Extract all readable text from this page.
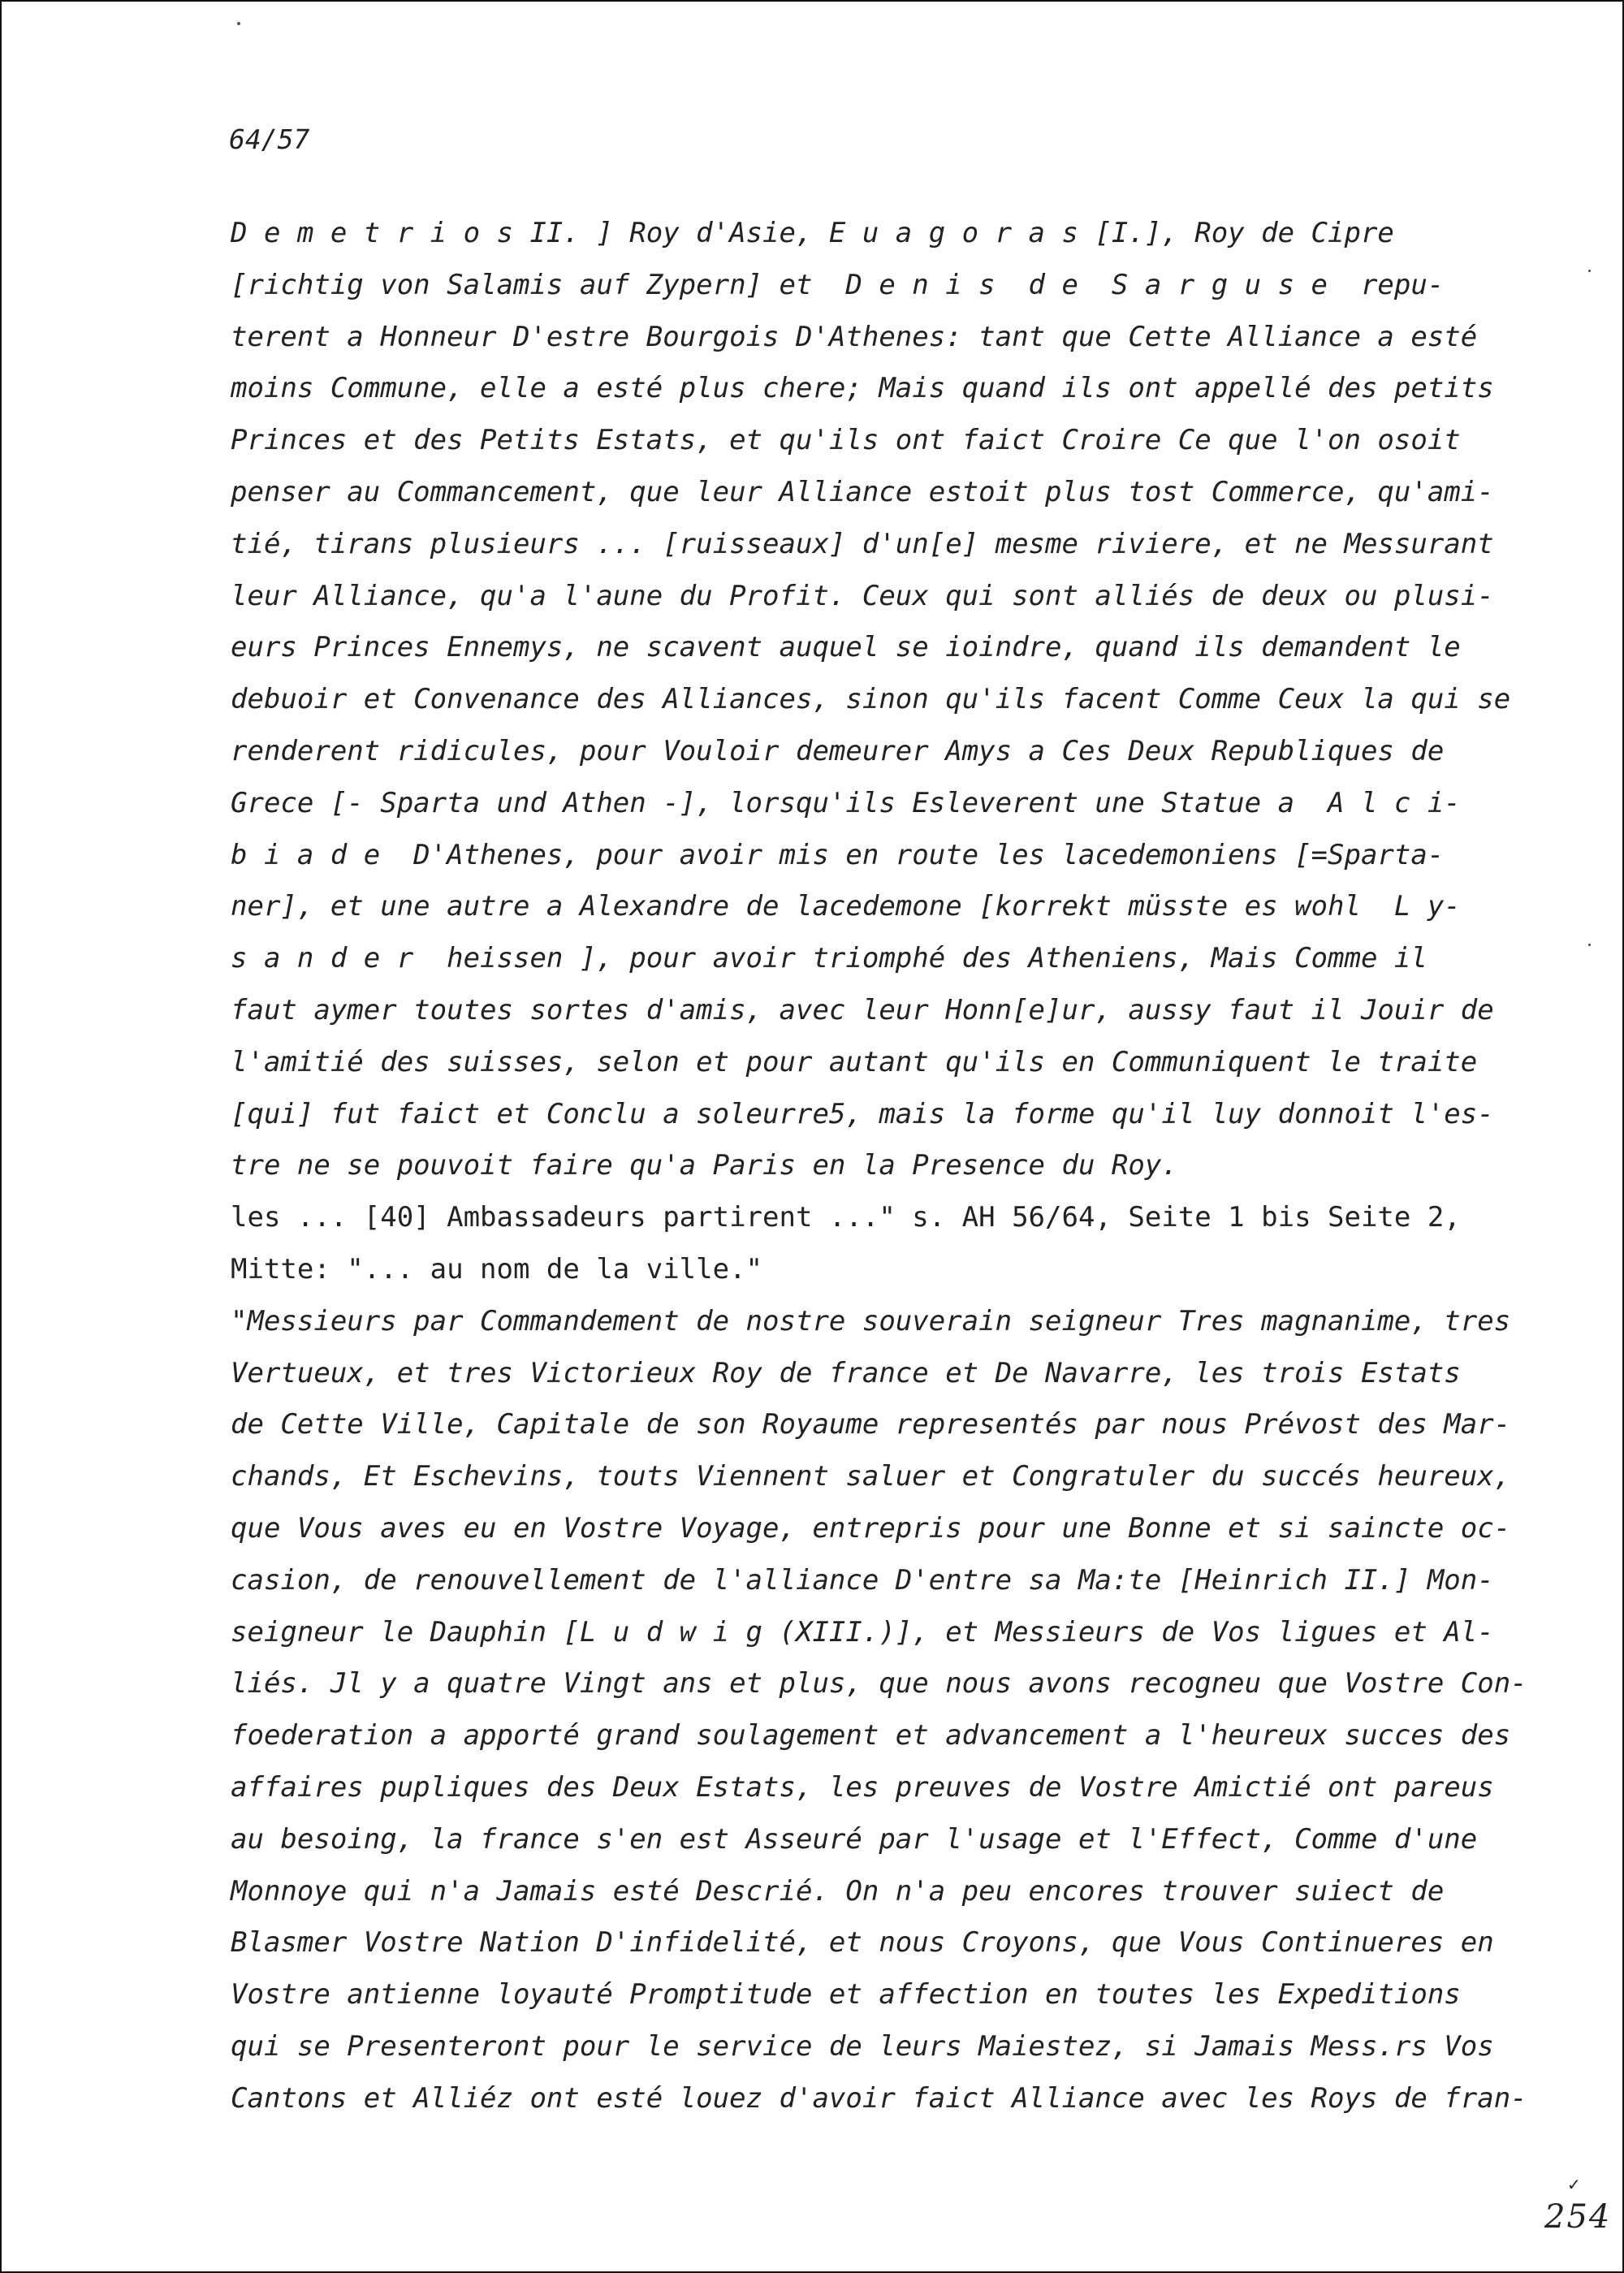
64/57
D e m e t r i o s II. ] Roy d'Asie, E u a g o r a s [I.], Roy de Cipre
[richtig von Salamis auf Zypern] et  D e n i s  d e  S a r g u s e  repu-
terent a Honneur D'estre Bourgois D'Athenes: tant que Cette Alliance a esté
moins Commune, elle a esté plus chere; Mais quand ils ont appellé des petits
Princes et des Petits Estats, et qu'ils ont faict Croire Ce que l'on osoit
penser au Commancement, que leur Alliance estoit plus tost Commerce, qu'ami-
tié, tirans plusieurs ... [ruisseaux] d'un[e] mesme riviere, et ne Messurant
leur Alliance, qu'a l'aune du Profit. Ceux qui sont alliés de deux ou plusi-
eurs Princes Ennemys, ne scavent auquel se ioindre, quand ils demandent le
debuoir et Convenance des Alliances, sinon qu'ils facent Comme Ceux la qui se
renderent ridicules, pour Vouloir demeurer Amys a Ces Deux Republiques de
Grece [- Sparta und Athen -], lorsqu'ils Esleverent une Statue a  A l c i-
b i a d e  D'Athenes, pour avoir mis en route les lacedemoniens [=Sparta-
ner], et une autre a Alexandre de lacedemone [korrekt müsste es wohl  L y-
s a n d e r  heissen ], pour avoir triomphé des Atheniens, Mais Comme il
faut aymer toutes sortes d'amis, avec leur Honn[e]ur, aussy faut il Jouir de
l'amitié des suisses, selon et pour autant qu'ils en Communiquent le traite
[qui] fut faict et Conclu a soleurre5, mais la forme qu'il luy donnoit l'es-
tre ne se pouvoit faire qu'a Paris en la Presence du Roy.
les ... [40] Ambassadeurs partirent ..." s. AH 56/64, Seite 1 bis Seite 2,
Mitte: "... au nom de la ville."
"Messieurs par Commandement de nostre souverain seigneur Tres magnanime, tres
Vertueux, et tres Victorieux Roy de france et De Navarre, les trois Estats
de Cette Ville, Capitale de son Royaume representés par nous Prévost des Mar-
chands, Et Eschevins, touts Viennent saluer et Congratuler du succés heureux,
que Vous aves eu en Vostre Voyage, entrepris pour une Bonne et si saincte oc-
casion, de renouvellement de l'alliance D'entre sa Ma:te [Heinrich II.] Mon-
seigneur le Dauphin [L u d w i g (XIII.)], et Messieurs de Vos ligues et Al-
liés. Jl y a quatre Vingt ans et plus, que nous avons recogneu que Vostre Con-
foederation a apporté grand soulagement et advancement a l'heureux succes des
affaires pupliques des Deux Estats, les preuves de Vostre Amictié ont pareus
au besoing, la france s'en est Asseuré par l'usage et l'Effect, Comme d'une
Monnoye qui n'a Jamais esté Descrié. On n'a peu encores trouver suiect de
Blasmer Vostre Nation D'infidelité, et nous Croyons, que Vous Continueres en
Vostre antienne loyauté Promptitude et affection en toutes les Expeditions
qui se Presenteront pour le service de leurs Maiestez, si Jamais Mess.rs Vos
Cantons et Alliéz ont esté louez d'avoir faict Alliance avec les Roys de fran-
✓
254
